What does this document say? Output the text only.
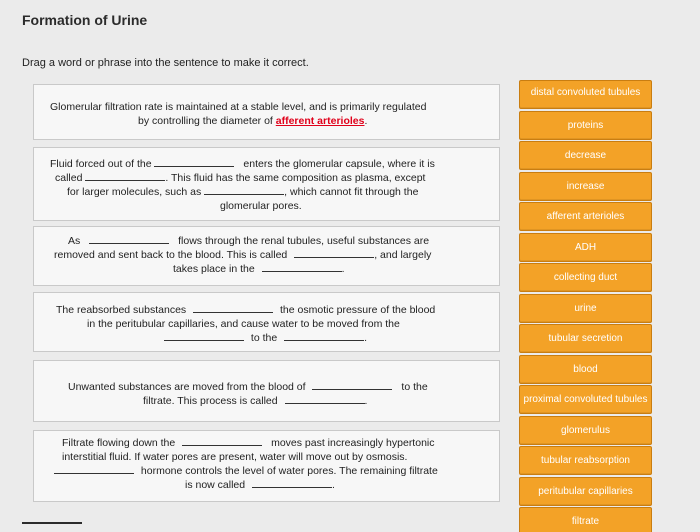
Formation of Urine
Drag a word or phrase into the sentence to make it correct.
Glomerular filtration rate is maintained at a stable level, and is primarily regulated
by controlling the diameter of afferent arterioles.
Fluid forced out of the	enters the glomerular capsule, where it is
called	. This fluid has the same composition as plasma, except
for larger molecules, such as	, which cannot fit through the
glomerular pores.
As	flows through the renal tubules, useful substances are
removed and sent back to the blood. This is called	, and largely
takes place in the	.
The reabsorbed substances	the osmotic pressure of the blood
in the peritubular capillaries, and cause water to be moved from the
to the	.
Unwanted substances are moved from the blood of	to the
filtrate. This process is called	.
Filtrate flowing down the	moves past increasingly hypertonic
interstitial fluid. If water pores are present, water will move out by osmosis.
hormone controls the level of water pores. The remaining filtrate
is now called	.
distal convoluted tubules
proteins
decrease
increase
afferent arterioles
ADH
collecting duct
urine
tubular secretion
blood
proximal convoluted tubules
glomerulus
tubular reabsorption
peritubular capillaries
filtrate
